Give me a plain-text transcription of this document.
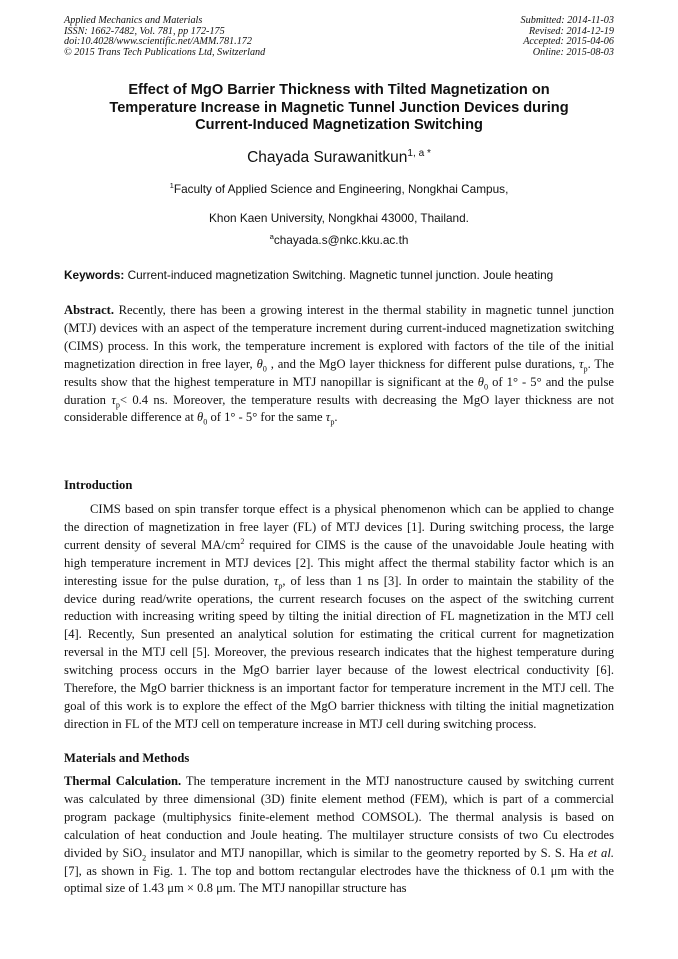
Applied Mechanics and Materials
ISSN: 1662-7482, Vol. 781, pp 172-175
doi:10.4028/www.scientific.net/AMM.781.172
© 2015 Trans Tech Publications Ltd, Switzerland
Submitted: 2014-11-03
Revised: 2014-12-19
Accepted: 2015-04-06
Online: 2015-08-03
Effect of MgO Barrier Thickness with Tilted Magnetization on
Temperature Increase in Magnetic Tunnel Junction Devices during
Current-Induced Magnetization Switching
Chayada Surawanitkun$^{1, a *}$
$^1$Faculty of Applied Science and Engineering, Nongkhai Campus,
Khon Kaen University, Nongkhai 43000, Thailand.
$^a$chayada.s@nkc.kku.ac.th
Keywords: Current-induced magnetization Switching. Magnetic tunnel junction. Joule heating
Abstract. Recently, there has been a growing interest in the thermal stability in magnetic tunnel junction (MTJ) devices with an aspect of the temperature increment during current-induced magnetization switching (CIMS) process. In this work, the temperature increment is explored with factors of the tile of the initial magnetization direction in free layer, $\theta_0$ , and the MgO layer thickness for different pulse durations, $\tau_p$. The results show that the highest temperature in MTJ nanopillar is significant at the $\theta_0$ of 1° - 5° and the pulse duration $\tau_p< 0.4$ ns. Moreover, the temperature results with decreasing the MgO layer thickness are not considerable difference at $\theta_0$ of 1° - 5° for the same $\tau_p$.
Introduction
CIMS based on spin transfer torque effect is a physical phenomenon which can be applied to change the direction of magnetization in free layer (FL) of MTJ devices [1]. During switching process, the large current density of several $MA/cm^2$ required for CIMS is the cause of the unavoidable Joule heating with high temperature increment in MTJ devices [2]. This might affect the thermal stability factor which is an interesting issue for the pulse duration, $\tau_p$, of less than 1 ns [3]. In order to maintain the stability of the device during read/write operations, the current research focuses on the aspect of the switching current reduction with increasing writing speed by tilting the initial direction of FL magnetization in the MTJ cell [4]. Recently, Sun presented an analytical solution for estimating the critical current for magnetization reversal in the MTJ cell [5]. Moreover, the previous research indicates that the highest temperature during switching process occurs in the MgO barrier layer because of the lowest electrical conductivity [6]. Therefore, the MgO barrier thickness is an important factor for temperature increment in the MTJ cell. The goal of this work is to explore the effect of the MgO barrier thickness with tilting the initial magnetization direction in FL of the MTJ cell on temperature increase in MTJ cell during switching process.
Materials and Methods
Thermal Calculation. The temperature increment in the MTJ nanostructure caused by switching current was calculated by three dimensional (3D) finite element method (FEM), which is part of a commercial program package (multiphysics finite-element method COMSOL). The thermal analysis is based on calculation of heat conduction and Joule heating. The multilayer structure consists of two Cu electrodes divided by SiO$_2$ insulator and MTJ nanopillar, which is similar to the geometry reported by S. S. Ha et al. [7], as shown in Fig. 1. The top and bottom rectangular electrodes have the thickness of 0.1 μm with the optimal size of 1.43 μm × 0.8 μm. The MTJ nanopillar structure has
